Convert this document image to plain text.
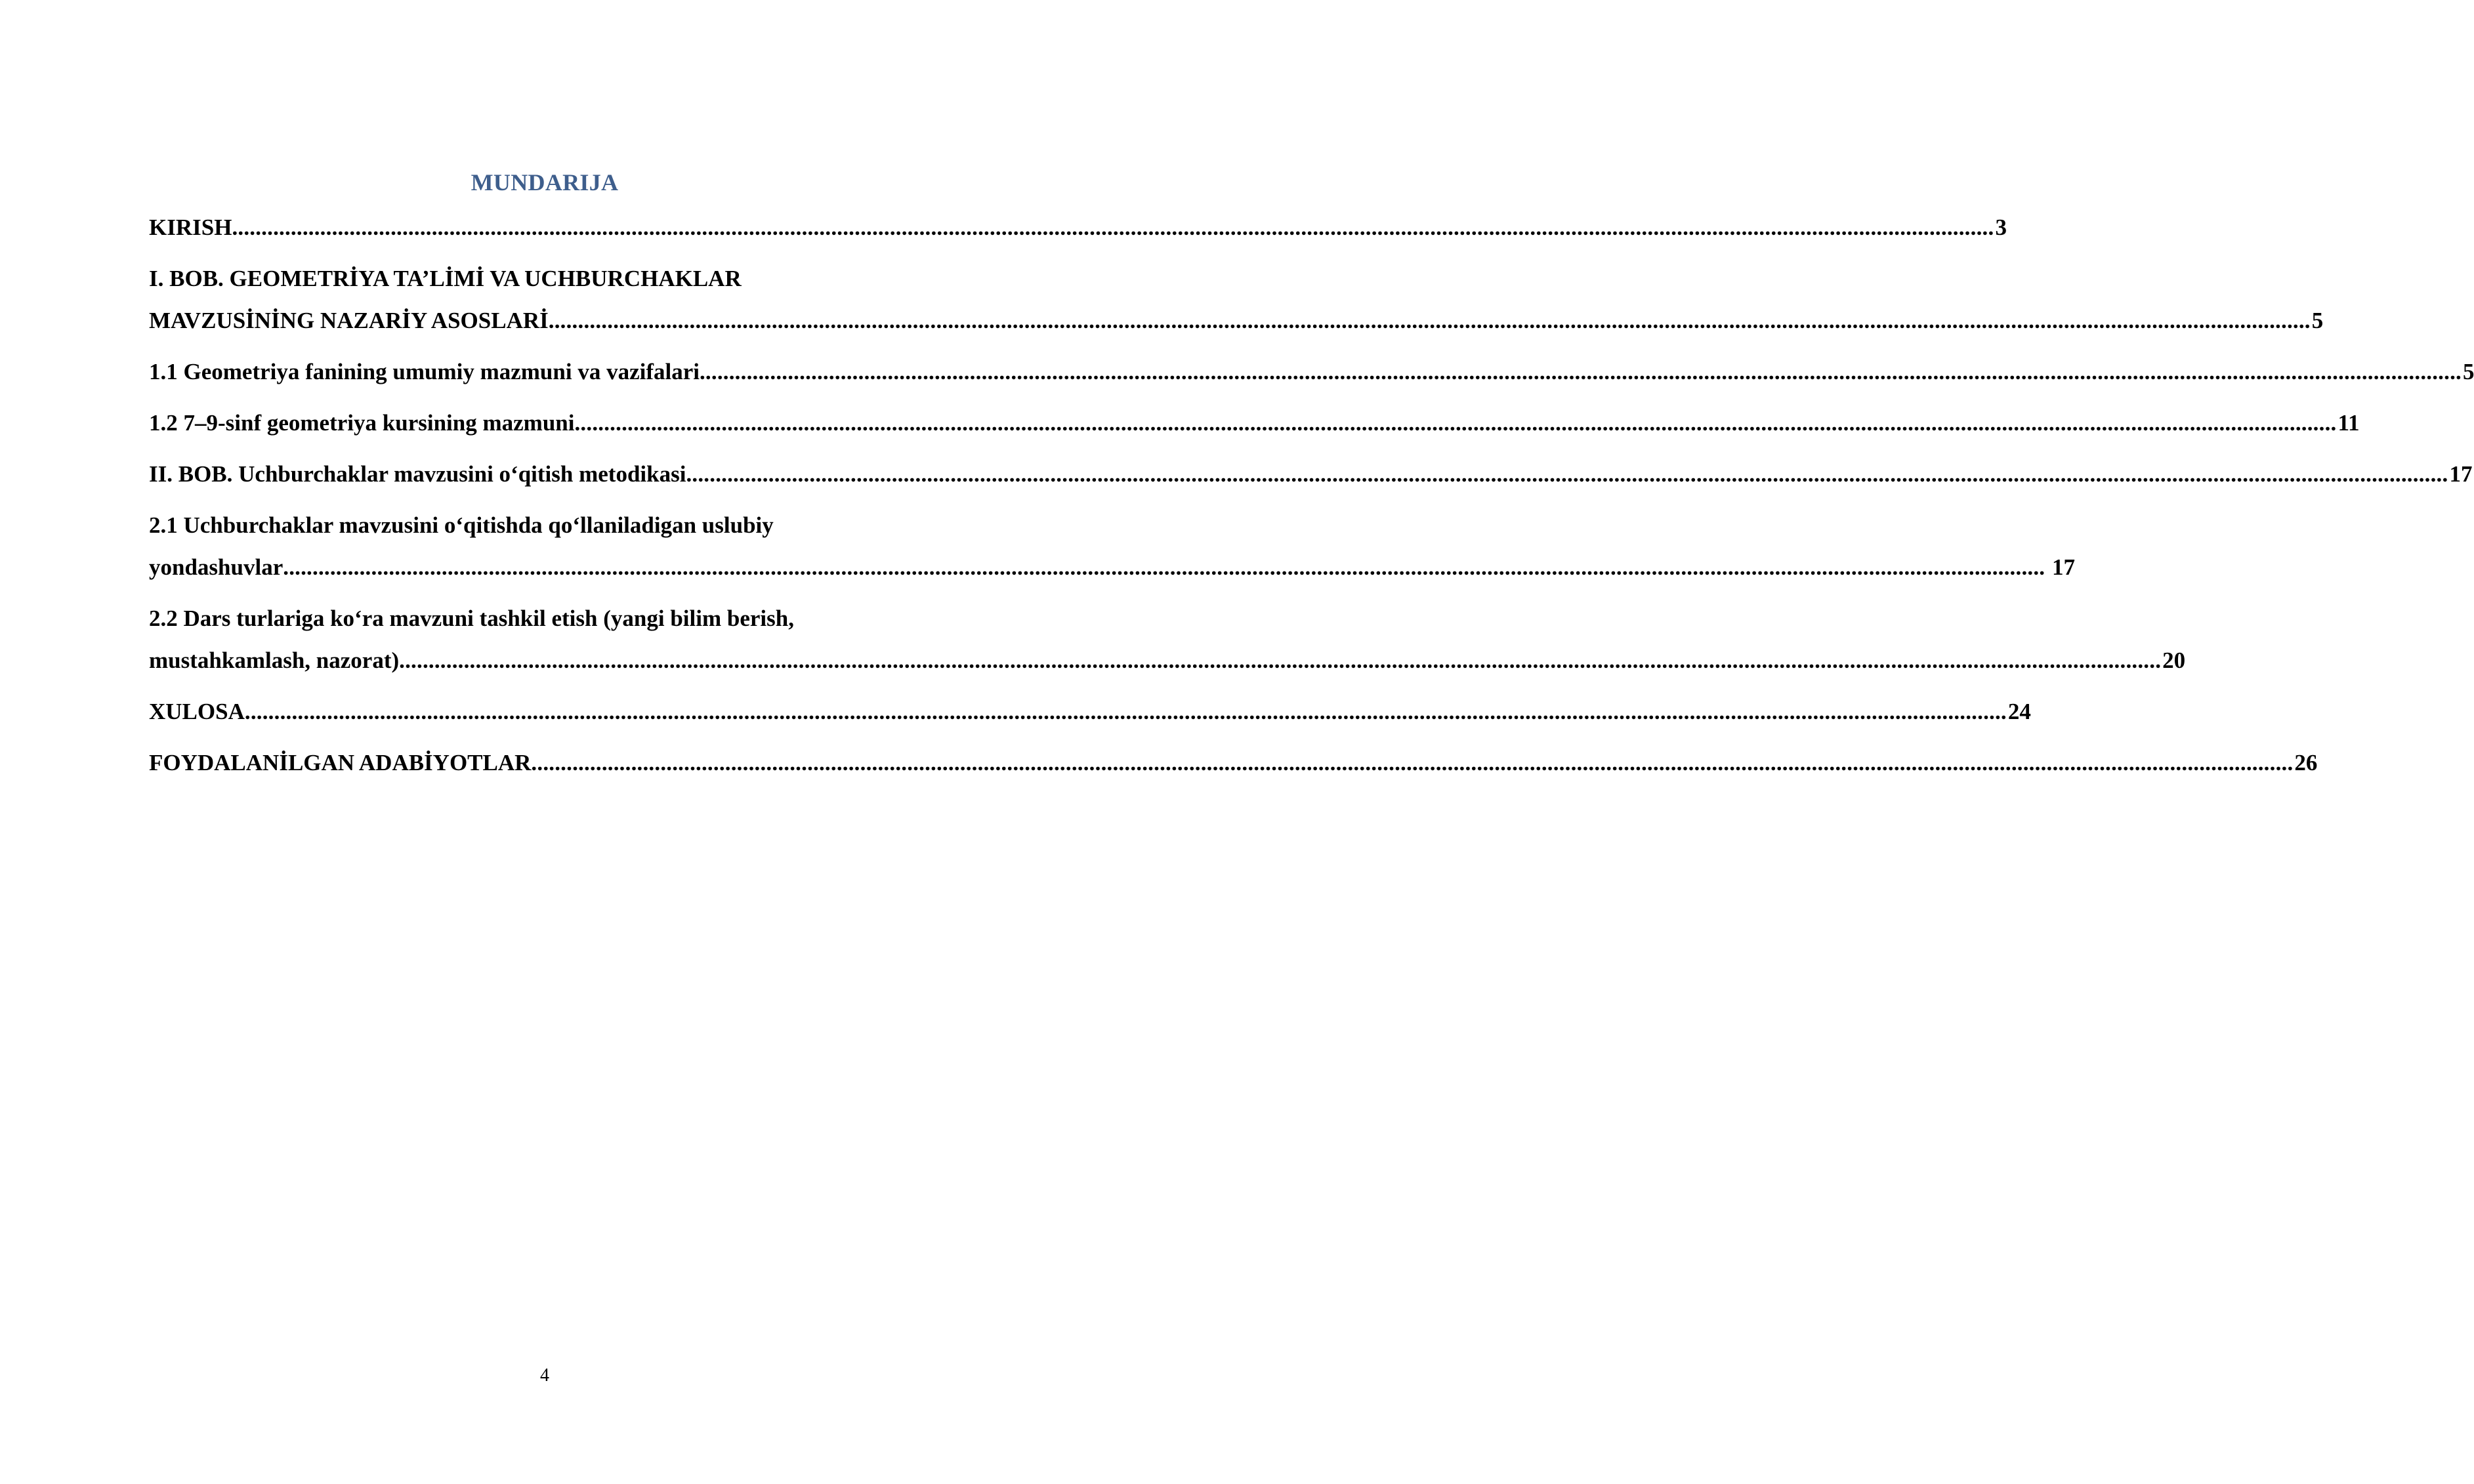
MUNDARIJA
KIRISH ............................................................................................................................................................................................................................................................................................................ 3
I. BOB. GEOMETRİYA TA’LİMİ VA UCHBURCHAKLAR
MAVZUSİNİNG NAZARİY ASOSLARİ ............................................................................................................................................................................................................................................................................................................ 5
1.1 Geometriya fanining umumiy mazmuni va vazifalari ............................................................................................................................................................................................................................................................................................................ 5
1.2 7–9-sinf geometriya kursining mazmuni ............................................................................................................................................................................................................................................................................................................ 11
II. BOB. Uchburchaklar mavzusini o‘qitish metodikasi ............................................................................................................................................................................................................................................................................................................ 17
2.1 Uchburchaklar mavzusini o‘qitishda qo‘llaniladigan uslubiy
yondashuvlar ............................................................................................................................................................................................................................................................................................................ 17
2.2 Dars turlariga ko‘ra mavzuni tashkil etish (yangi bilim berish,
mustahkamlash, nazorat) ............................................................................................................................................................................................................................................................................................................ 20
XULOSA ............................................................................................................................................................................................................................................................................................................ 24
FOYDALANİLGAN ADABİYOTLAR ............................................................................................................................................................................................................................................................................................................ 26
4
